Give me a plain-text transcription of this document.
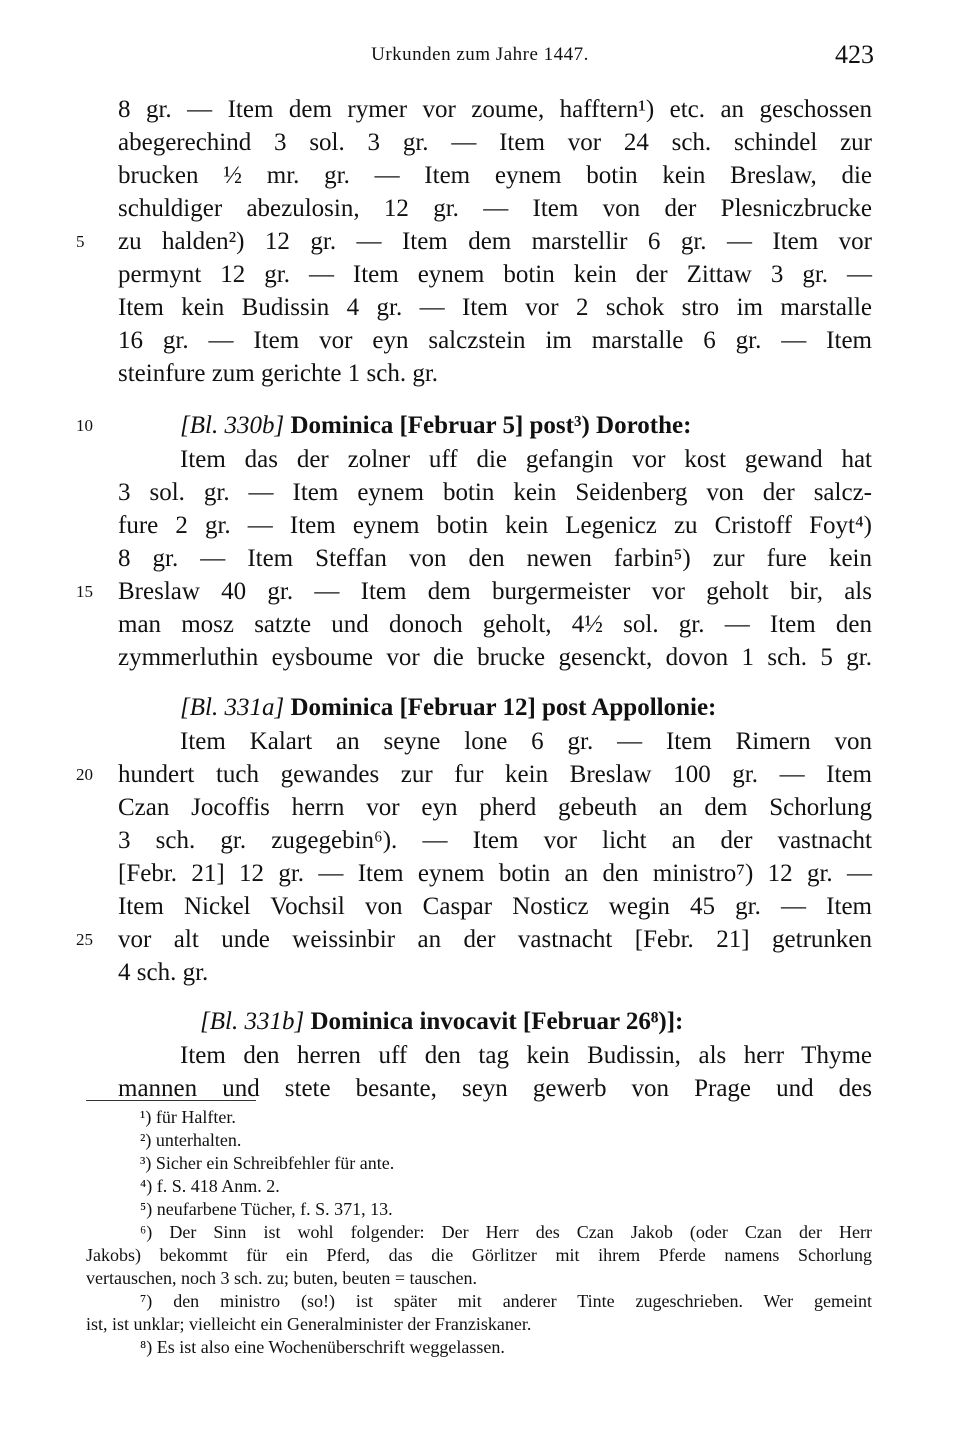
Urkunden zum Jahre 1447.	423
8 gr. — Item dem rymer vor zoume, hafftern¹) etc. an geschossen
abegerechind 3 sol. 3 gr. — Item vor 24 sch. schindel zur
brucken ½ mr. gr. — Item eynem botin kein Breslaw, die
schuldiger abezulosin, 12 gr. — Item von der Plesniczbrucke
zu halden²) 12 gr. — Item dem marstellir 6 gr. — Item vor
permynt 12 gr. — Item eynem botin kein der Zittaw 3 gr. —
Item kein Budissin 4 gr. — Item vor 2 schok stro im marstalle
16 gr. — Item vor eyn salczstein im marstalle 6 gr. — Item
steinfure zum gerichte 1 sch. gr.
[Bl. 330b] Dominica [Februar 5] post³) Dorothe:
Item das der zolner uff die gefangin vor kost gewand hat
3 sol. gr. — Item eynem botin kein Seidenberg von der salcz-
fure 2 gr. — Item eynem botin kein Legenicz zu Cristoff Foyt⁴)
8 gr. — Item Steffan von den newen farbin⁵) zur fure kein
Breslaw 40 gr. — Item dem burgermeister vor geholt bir, als
man mosz satzte und donoch geholt, 4½ sol. gr. — Item den
zymmerluthin eysboume vor die brucke gesenckt, dovon 1 sch. 5 gr.
[Bl. 331a] Dominica [Februar 12] post Appollonie:
Item Kalart an seyne lone 6 gr. — Item Rimern von
hundert tuch gewandes zur fur kein Breslaw 100 gr. — Item
Czan Jocoffis herrn vor eyn pherd gebeuth an dem Schorlung
3 sch. gr. zugegebin⁶). — Item vor licht an der vastnacht
[Febr. 21] 12 gr. — Item eynem botin an den ministro⁷) 12 gr. —
Item Nickel Vochsil von Caspar Nosticz wegin 45 gr. — Item
vor alt unde weissinbir an der vastnacht [Febr. 21] getrunken
4 sch. gr.
[Bl. 331b] Dominica invocavit [Februar 26⁸)]:
Item den herren uff den tag kein Budissin, als herr Thyme
mannen und stete besante, seyn gewerb von Prage und des
5
10
15
20
25
¹) für Halfter.
²) unterhalten.
³) Sicher ein Schreibfehler für ante.
⁴) f. S. 418 Anm. 2.
⁵) neufarbene Tücher, f. S. 371, 13.
⁶) Der Sinn ist wohl folgender: Der Herr des Czan Jakob (oder Czan der Herr
Jakobs) bekommt für ein Pferd, das die Görlitzer mit ihrem Pferde namens Schorlung
vertauschen, noch 3 sch. zu; buten, beuten = tauschen.
⁷) den ministro (so!) ist später mit anderer Tinte zugeschrieben. Wer gemeint
ist, ist unklar; vielleicht ein Generalminister der Franziskaner.
⁸) Es ist also eine Wochenüberschrift weggelassen.
